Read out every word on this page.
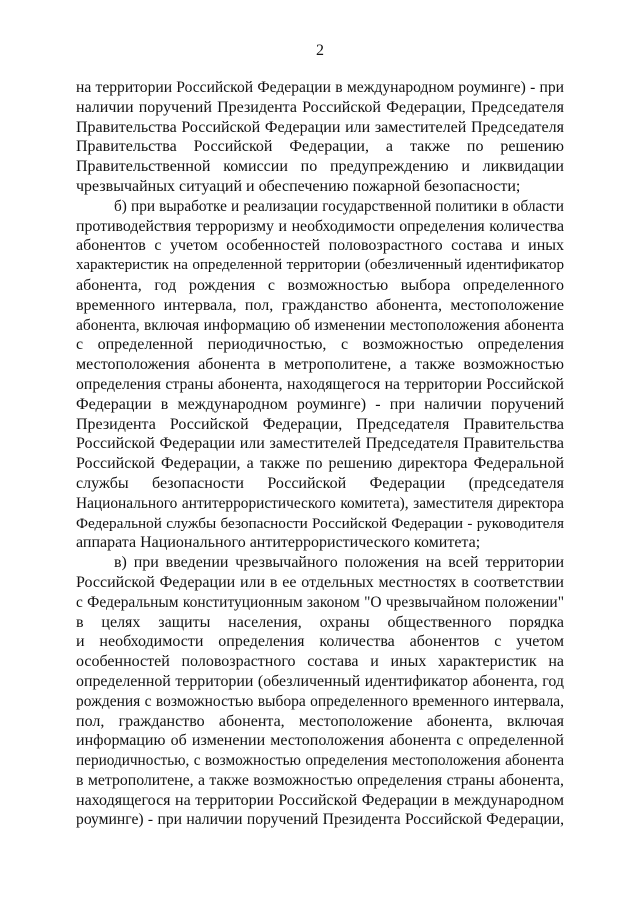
2
на территории Российской Федерации в международном роуминге) - при
наличии поручений Президента Российской Федерации, Председателя
Правительства Российской Федерации или заместителей Председателя
Правительства Российской Федерации, а также по решению
Правительственной комиссии по предупреждению и ликвидации
чрезвычайных ситуаций и обеспечению пожарной безопасности;
б) при выработке и реализации государственной политики в области
противодействия терроризму и необходимости определения количества
абонентов с учетом особенностей половозрастного состава и иных
характеристик на определенной территории (обезличенный идентификатор
абонента, год рождения с возможностью выбора определенного
временного интервала, пол, гражданство абонента, местоположение
абонента, включая информацию об изменении местоположения абонента
с определенной периодичностью, с возможностью определения
местоположения абонента в метрополитене, а также возможностью
определения страны абонента, находящегося на территории Российской
Федерации в международном роуминге) - при наличии поручений
Президента Российской Федерации, Председателя Правительства
Российской Федерации или заместителей Председателя Правительства
Российской Федерации, а также по решению директора Федеральной
службы безопасности Российской Федерации (председателя
Национального антитеррористического комитета), заместителя директора
Федеральной службы безопасности Российской Федерации - руководителя
аппарата Национального антитеррористического комитета;
в) при введении чрезвычайного положения на всей территории
Российской Федерации или в ее отдельных местностях в соответствии
с Федеральным конституционным законом "О чрезвычайном положении"
в целях защиты населения, охраны общественного порядка
и необходимости определения количества абонентов с учетом
особенностей половозрастного состава и иных характеристик на
определенной территории (обезличенный идентификатор абонента, год
рождения с возможностью выбора определенного временного интервала,
пол, гражданство абонента, местоположение абонента, включая
информацию об изменении местоположения абонента с определенной
периодичностью, с возможностью определения местоположения абонента
в метрополитене, а также возможностью определения страны абонента,
находящегося на территории Российской Федерации в международном
роуминге) - при наличии поручений Президента Российской Федерации,
